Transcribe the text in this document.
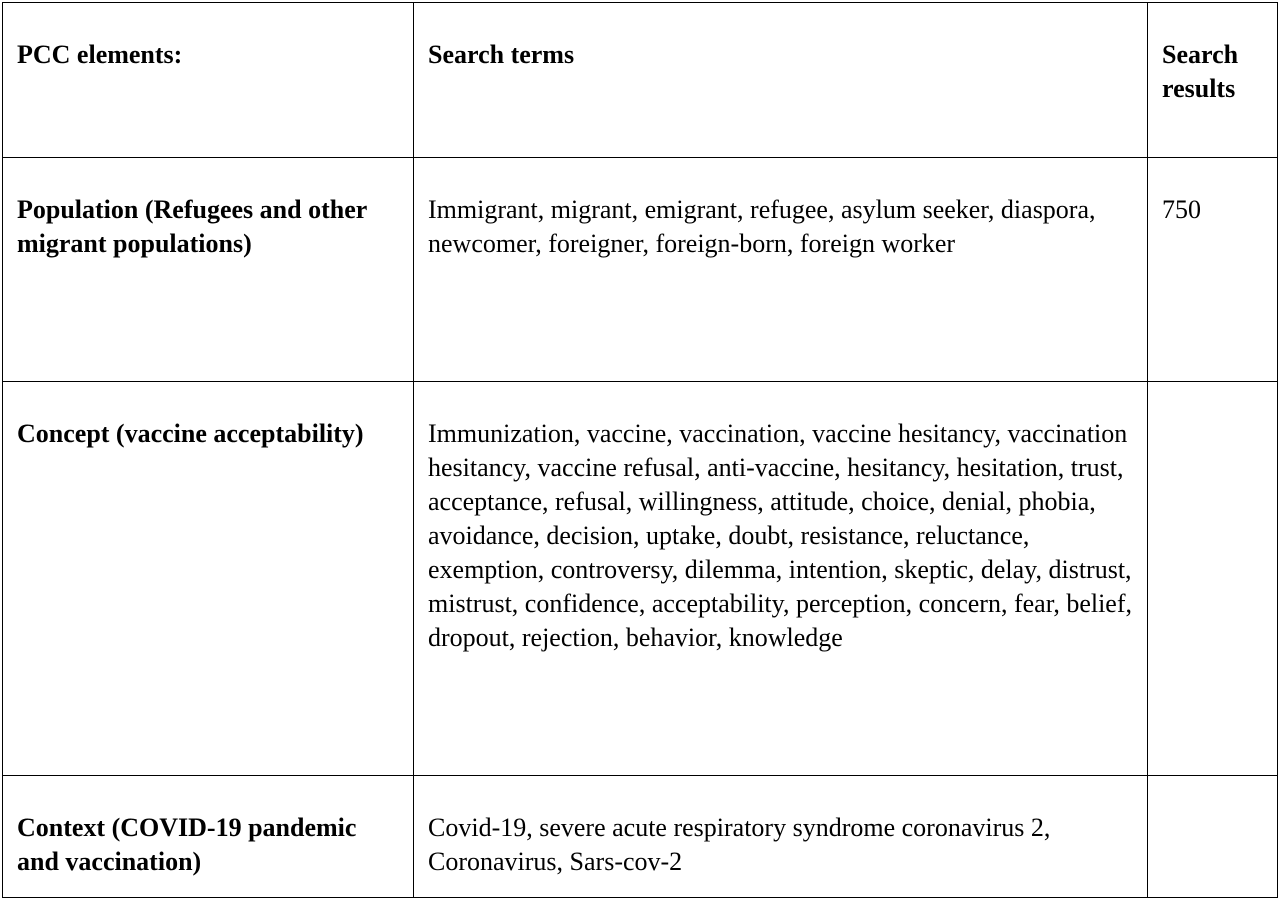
PCC elements:	Search terms	Search results

Population (Refugees and other migrant populations)	Immigrant, migrant, emigrant, refugee, asylum seeker, diaspora, newcomer, foreigner, foreign-born, foreign worker	750

Concept (vaccine acceptability)	Immunization, vaccine, vaccination, vaccine hesitancy, vaccination hesitancy, vaccine refusal, anti-vaccine, hesitancy, hesitation, trust, acceptance, refusal, willingness, attitude, choice, denial, phobia, avoidance, decision, uptake, doubt, resistance, reluctance, exemption, controversy, dilemma, intention, skeptic, delay, distrust, mistrust, confidence, acceptability, perception, concern, fear, belief, dropout, rejection, behavior, knowledge	

Context (COVID-19 pandemic and vaccination)	Covid-19, severe acute respiratory syndrome coronavirus 2, Coronavirus, Sars-cov-2	
